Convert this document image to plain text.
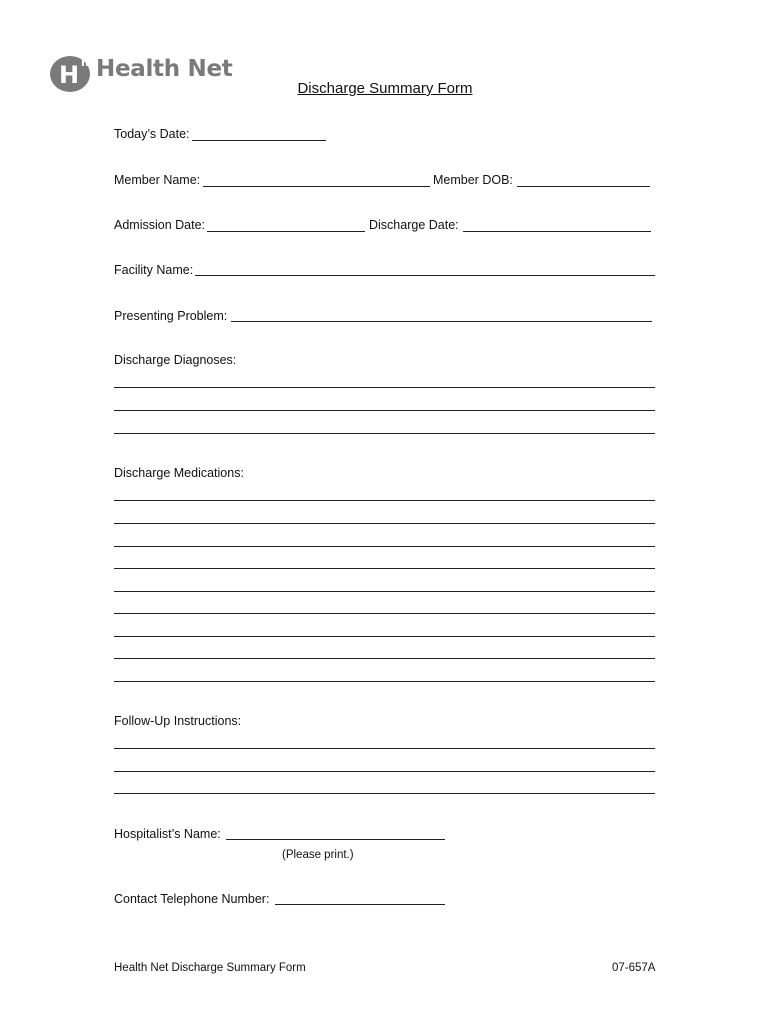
H n Health Net
Discharge Summary Form
Today’s Date:
Member Name:	Member DOB:
Admission Date:	Discharge Date:
Facility Name:
Presenting Problem:
Discharge Diagnoses:
Discharge Medications:
Follow-Up Instructions:
Hospitalist’s Name:
(Please print.)
Contact Telephone Number:
Health Net Discharge Summary Form	07-657A
